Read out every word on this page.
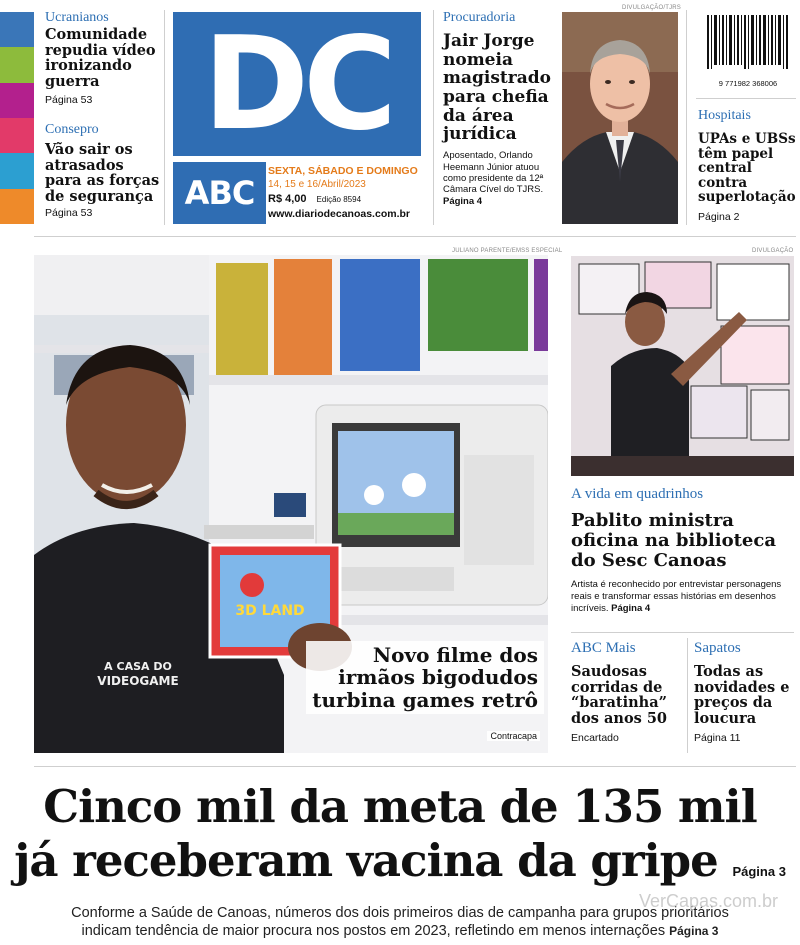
Ucranianos
Comunidade repudia vídeo ironizando guerra
Página 53
Consepro
Vão sair os atrasados para as forças de segurança
Página 53
DC
ABC
SEXTA, SÁBADO E DOMINGO
14, 15 e 16/Abril/2023
R$ 4,00 Edição 8594
www.diariodecanoas.com.br
Procuradoria
Jair Jorge nomeia magistrado para chefia da área jurídica
Aposentado, Orlando Heemann Júnior atuou como presidente da 12ª Câmara Cível do TJRS. Página 4
DIVULGAÇÃO/TJRS
9 771982 368006
Hospitais
UPAs e UBSs têm papel central contra superlotação
Página 2
JULIANO PARENTE/EMSS ESPECIAL
3D LAND
A CASA DO
VIDEOGAME
Novo filme dos
irmãos bigodudos
turbina games retrô
Contracapa
DIVULGAÇÃO
A vida em quadrinhos
Pablito ministra oficina na biblioteca do Sesc Canoas
Artista é reconhecido por entrevistar personagens reais e transformar essas histórias em desenhos incríveis. Página 4
ABC Mais
Saudosas corridas de “baratinha” dos anos 50
Encartado
Sapatos
Todas as novidades e preços da loucura
Página 11
Cinco mil da meta de 135 mil
já receberam vacina da gripe Página 3
Conforme a Saúde de Canoas, números dos dois primeiros dias de campanha para grupos prioritários
indicam tendência de maior procura nos postos em 2023, refletindo em menos internações Página 3
VerCapas.com.br
